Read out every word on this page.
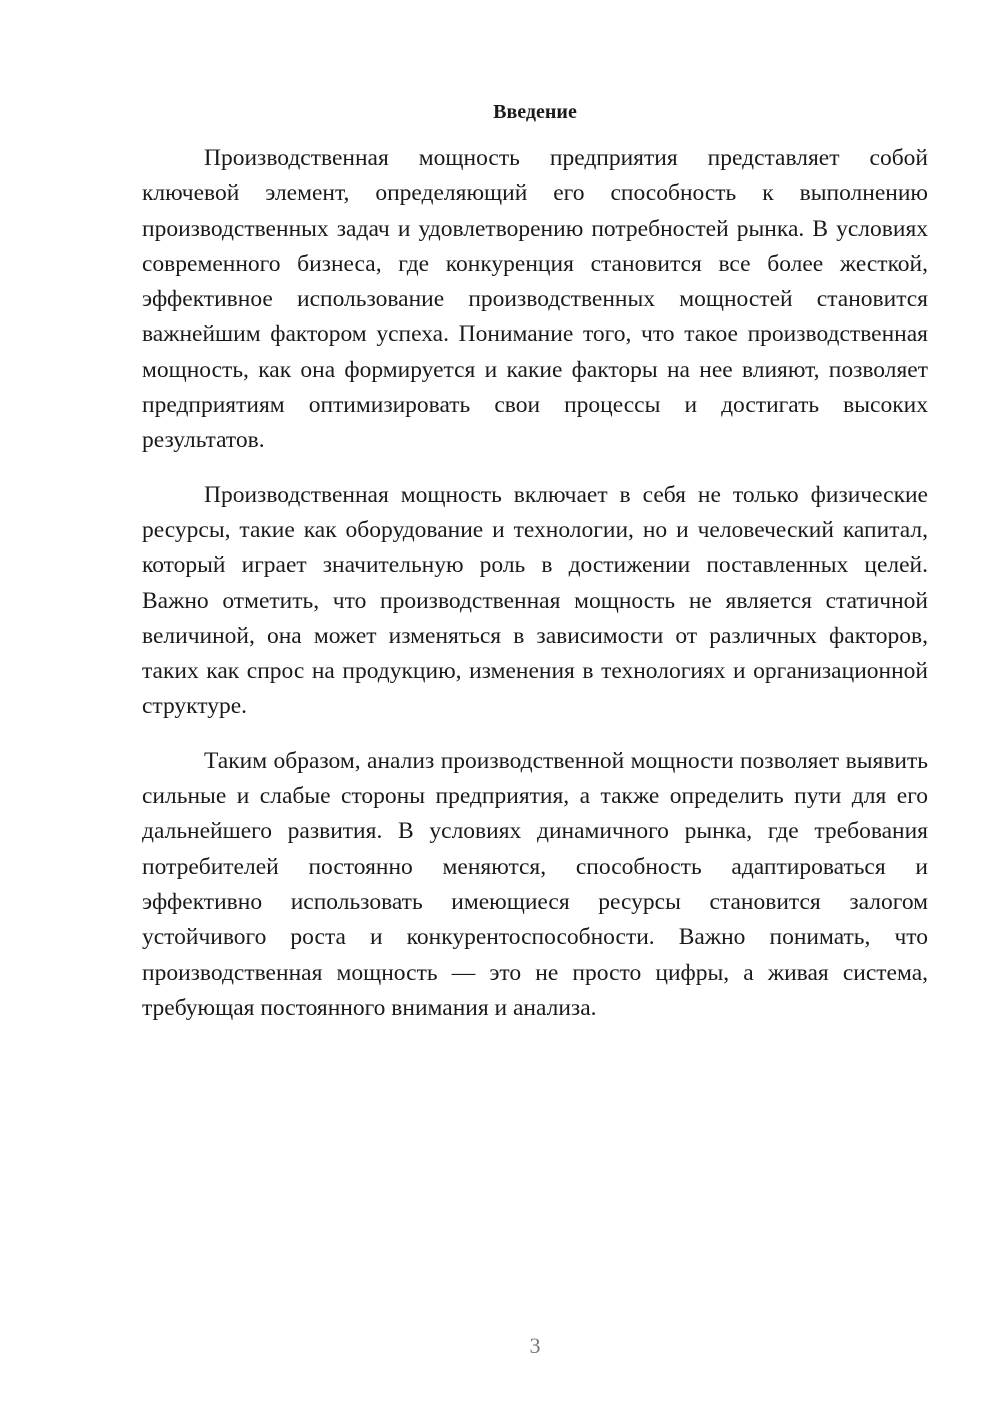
Введение

Производственная мощность предприятия представляет собой ключевой элемент, определяющий его способность к выполнению производственных задач и удовлетворению потребностей рынка. В условиях современного бизнеса, где конкуренция становится все более жесткой, эффективное использование производственных мощностей становится важнейшим фактором успеха. Понимание того, что такое производственная мощность, как она формируется и какие факторы на нее влияют, позволяет предприятиям оптимизировать свои процессы и достигать высоких результатов.

Производственная мощность включает в себя не только физические ресурсы, такие как оборудование и технологии, но и человеческий капитал, который играет значительную роль в достижении поставленных целей. Важно отметить, что производственная мощность не является статичной величиной, она может изменяться в зависимости от различных факторов, таких как спрос на продукцию, изменения в технологиях и организационной структуре.

Таким образом, анализ производственной мощности позволяет выявить сильные и слабые стороны предприятия, а также определить пути для его дальнейшего развития. В условиях динамичного рынка, где требования потребителей постоянно меняются, способность адаптироваться и эффективно использовать имеющиеся ресурсы становится залогом устойчивого роста и конкурентоспособности. Важно понимать, что производственная мощность — это не просто цифры, а живая система, требующая постоянного внимания и анализа.

3
